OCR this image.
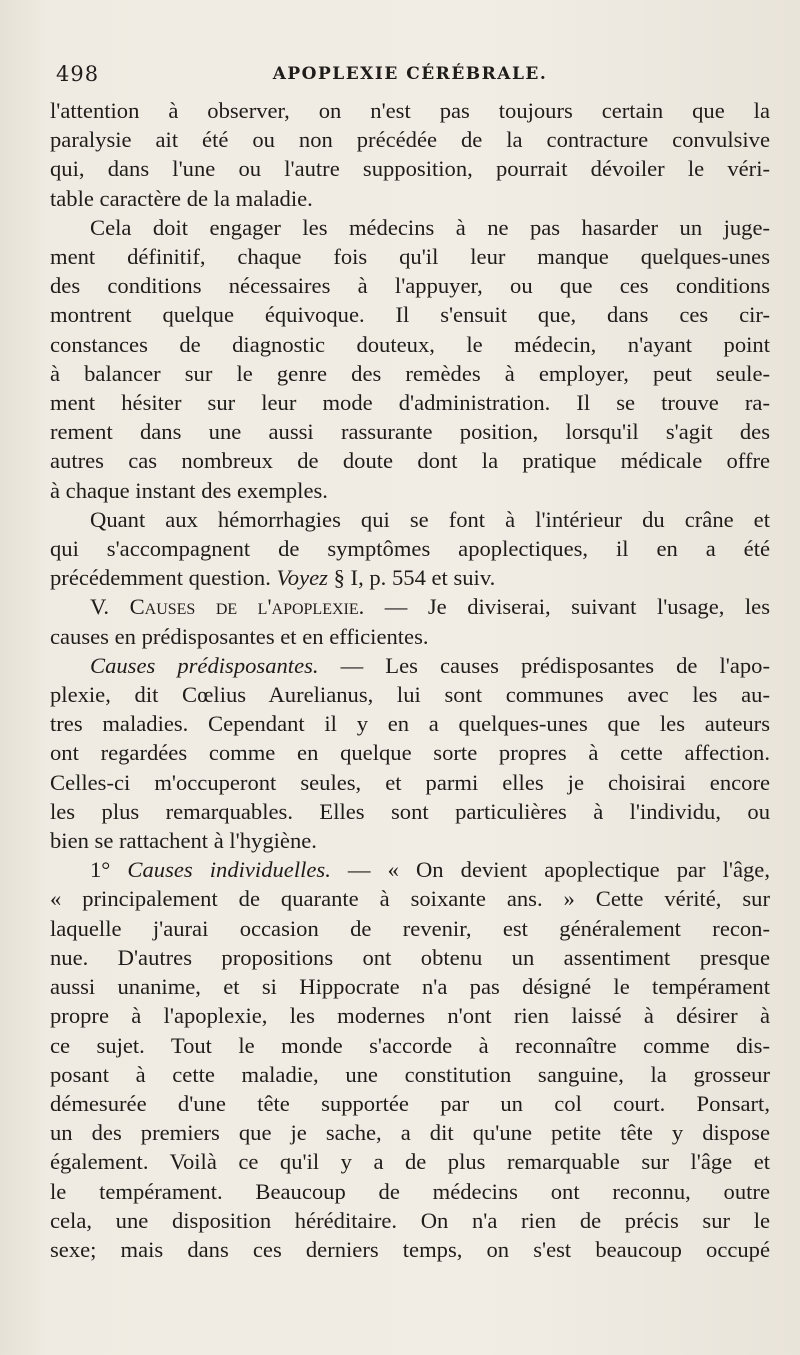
498	APOPLEXIE CÉRÉBRALE.

l'attention à observer, on n'est pas toujours certain que la
paralysie ait été ou non précédée de la contracture convulsive
qui, dans l'une ou l'autre supposition, pourrait dévoiler le véri-
table caractère de la maladie.

Cela doit engager les médecins à ne pas hasarder un juge-
ment définitif, chaque fois qu'il leur manque quelques-unes
des conditions nécessaires à l'appuyer, ou que ces conditions
montrent quelque équivoque. Il s'ensuit que, dans ces cir-
constances de diagnostic douteux, le médecin, n'ayant point
à balancer sur le genre des remèdes à employer, peut seule-
ment hésiter sur leur mode d'administration. Il se trouve ra-
rement dans une aussi rassurante position, lorsqu'il s'agit des
autres cas nombreux de doute dont la pratique médicale offre
à chaque instant des exemples.

Quant aux hémorrhagies qui se font à l'intérieur du crâne et
qui s'accompagnent de symptômes apoplectiques, il en a été
précédemment question. Voyez § I, p. 554 et suiv.

V. Causes de l'apoplexie. — Je diviserai, suivant l'usage, les
causes en prédisposantes et en efficientes.

Causes prédisposantes. — Les causes prédisposantes de l'apo-
plexie, dit Cœlius Aurelianus, lui sont communes avec les au-
tres maladies. Cependant il y en a quelques-unes que les auteurs
ont regardées comme en quelque sorte propres à cette affection.
Celles-ci m'occuperont seules, et parmi elles je choisirai encore
les plus remarquables. Elles sont particulières à l'individu, ou
bien se rattachent à l'hygiène.

1° Causes individuelles. — « On devient apoplectique par l'âge,
« principalement de quarante à soixante ans. » Cette vérité, sur
laquelle j'aurai occasion de revenir, est généralement recon-
nue. D'autres propositions ont obtenu un assentiment presque
aussi unanime, et si Hippocrate n'a pas désigné le tempérament
propre à l'apoplexie, les modernes n'ont rien laissé à désirer à
ce sujet. Tout le monde s'accorde à reconnaître comme dis-
posant à cette maladie, une constitution sanguine, la grosseur
démesurée d'une tête supportée par un col court. Ponsart,
un des premiers que je sache, a dit qu'une petite tête y dispose
également. Voilà ce qu'il y a de plus remarquable sur l'âge et
le tempérament. Beaucoup de médecins ont reconnu, outre
cela, une disposition héréditaire. On n'a rien de précis sur le
sexe; mais dans ces derniers temps, on s'est beaucoup occupé
